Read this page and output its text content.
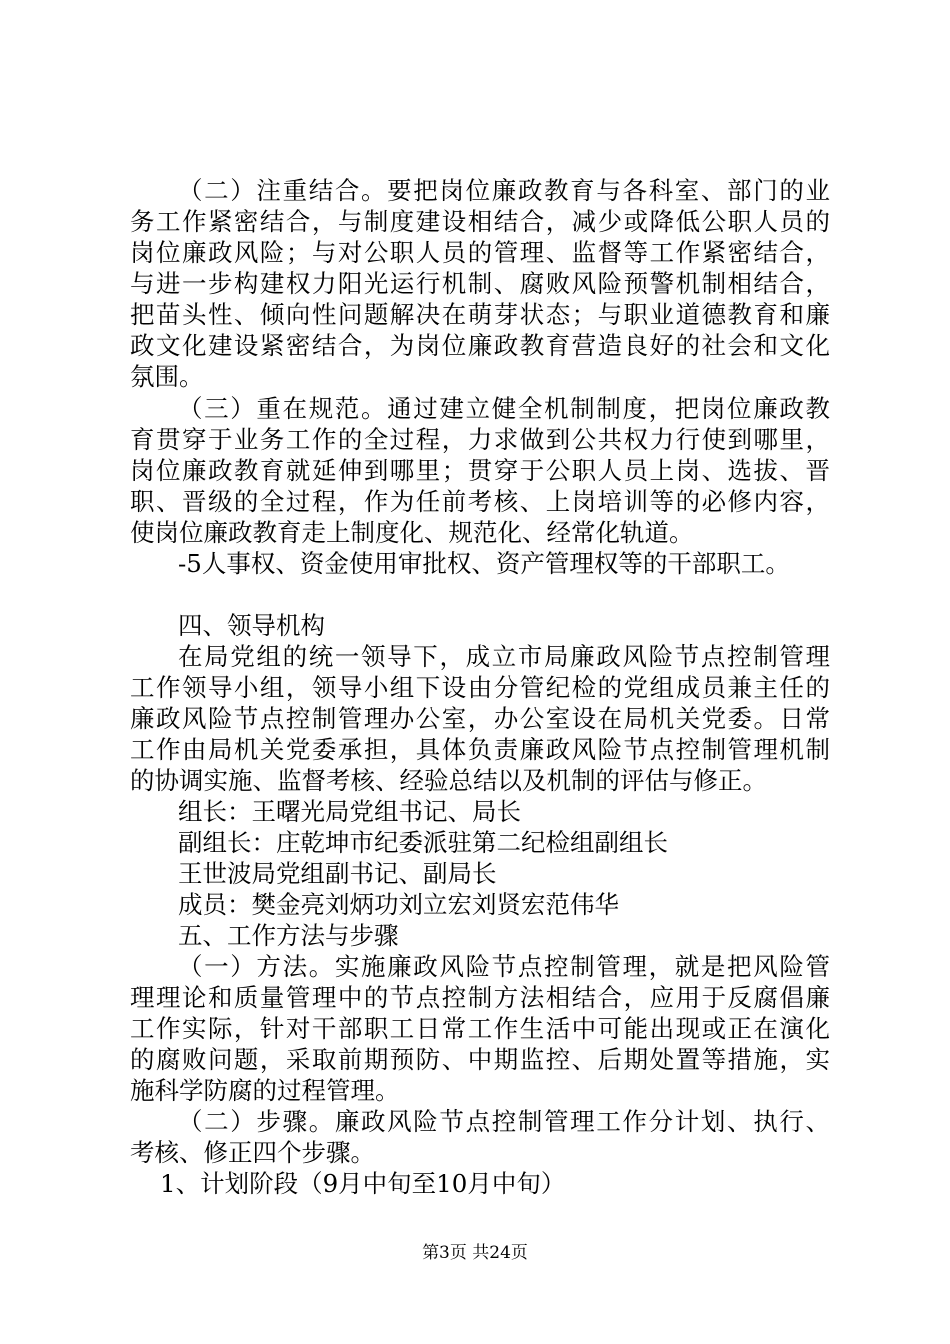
（二）注重结合。要把岗位廉政教育与各科室、部门的业
务工作紧密结合，与制度建设相结合，减少或降低公职人员的
岗位廉政风险；与对公职人员的管理、监督等工作紧密结合，
与进一步构建权力阳光运行机制、腐败风险预警机制相结合，
把苗头性、倾向性问题解决在萌芽状态；与职业道德教育和廉
政文化建设紧密结合，为岗位廉政教育营造良好的社会和文化
氛围。
（三）重在规范。通过建立健全机制制度，把岗位廉政教
育贯穿于业务工作的全过程，力求做到公共权力行使到哪里，
岗位廉政教育就延伸到哪里；贯穿于公职人员上岗、选拔、晋
职、晋级的全过程，作为任前考核、上岗培训等的必修内容，
使岗位廉政教育走上制度化、规范化、经常化轨道。
-5人事权、资金使用审批权、资产管理权等的干部职工。
四、领导机构
在局党组的统一领导下，成立市局廉政风险节点控制管理
工作领导小组，领导小组下设由分管纪检的党组成员兼主任的
廉政风险节点控制管理办公室，办公室设在局机关党委。日常
工作由局机关党委承担，具体负责廉政风险节点控制管理机制
的协调实施、监督考核、经验总结以及机制的评估与修正。
组长：王曙光局党组书记、局长
副组长：庄乾坤市纪委派驻第二纪检组副组长
王世波局党组副书记、副局长
成员：樊金亮刘炳功刘立宏刘贤宏范伟华
五、工作方法与步骤
（一）方法。实施廉政风险节点控制管理，就是把风险管
理理论和质量管理中的节点控制方法相结合，应用于反腐倡廉
工作实际，针对干部职工日常工作生活中可能出现或正在演化
的腐败问题，采取前期预防、中期监控、后期处置等措施，实
施科学防腐的过程管理。
（二）步骤。廉政风险节点控制管理工作分计划、执行、
考核、修正四个步骤。
1、计划阶段（9月中旬至10月中旬）
第3页 共24页
